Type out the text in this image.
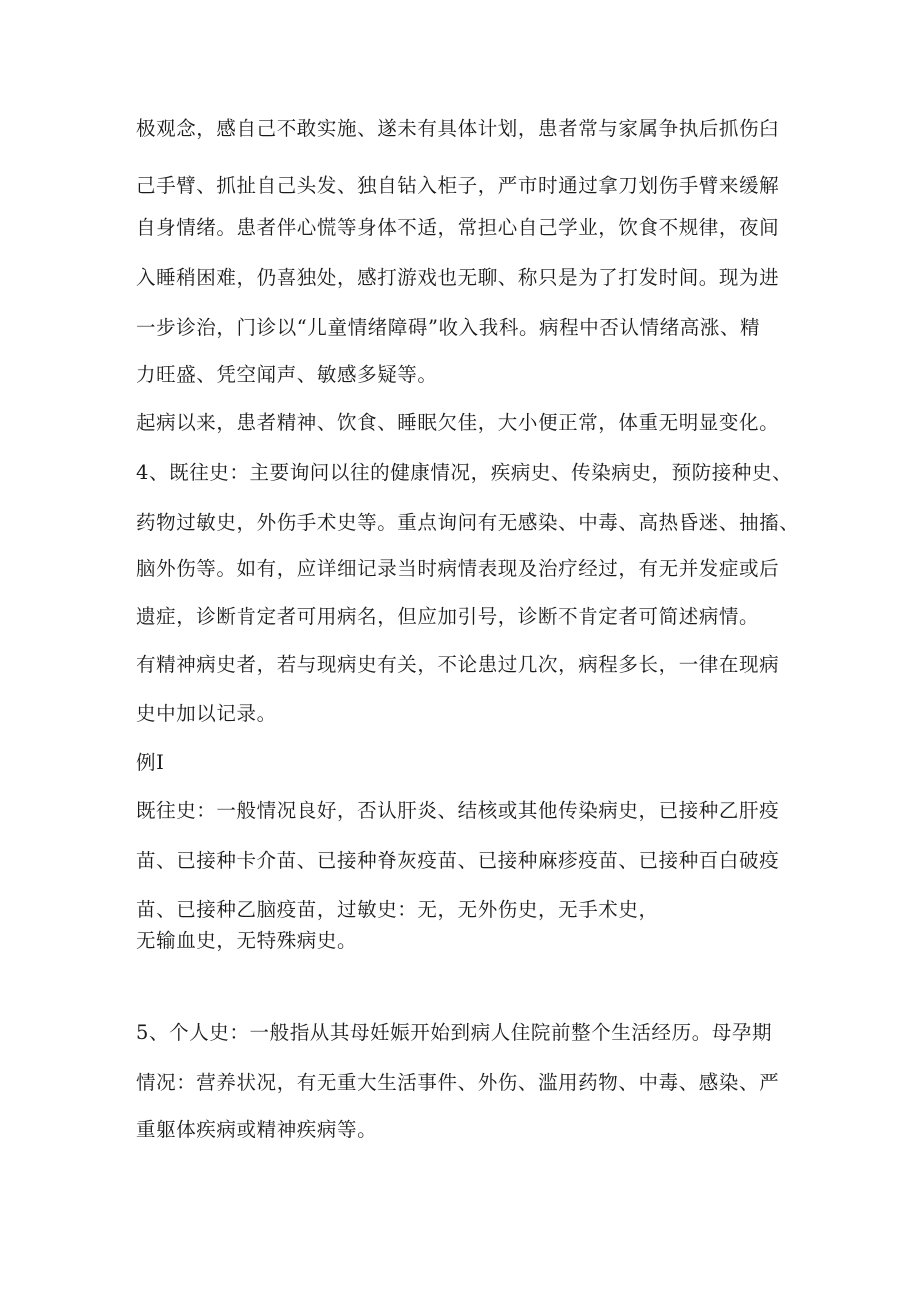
极观念，感自己不敢实施、遂未有具体计划，患者常与家属争执后抓伤臼
己手臂、抓扯自己头发、独自钻入柜子，严市时通过拿刀划伤手臂来缓解
自身情绪。患者伴心慌等身体不适，常担心自己学业，饮食不规律，夜间
入睡稍困难，仍喜独处，感打游戏也无聊、称只是为了打发时间。现为进
一步诊治，门诊以“儿童情绪障碍”收入我科。病程中否认情绪高涨、精
力旺盛、凭空闻声、敏感多疑等。
起病以来，患者精神、饮食、睡眠欠佳，大小便正常，体重无明显变化。
4、既往史：主要询问以往的健康情况，疾病史、传染病史，预防接种史、
药物过敏史，外伤手术史等。重点询问有无感染、中毒、高热昏迷、抽搐、
脑外伤等。如有，应详细记录当时病情表现及治疗经过，有无并发症或后
遗症，诊断肯定者可用病名，但应加引号，诊断不肯定者可简述病情。
有精神病史者，若与现病史有关，不论患过几次，病程多长，一律在现病
史中加以记录。
例I
既往史：一般情况良好，否认肝炎、结核或其他传染病史，已接种乙肝疫
苗、已接种卡介苗、已接种脊灰疫苗、已接种麻疹疫苗、已接种百白破疫
苗、已接种乙脑疫苗，过敏史：无，无外伤史，无手术史，
无输血史，无特殊病史。
5、个人史：一般指从其母妊娠开始到病人住院前整个生活经历。母孕期
情况：营养状况，有无重大生活事件、外伤、滥用药物、中毒、感染、严
重躯体疾病或精神疾病等。
